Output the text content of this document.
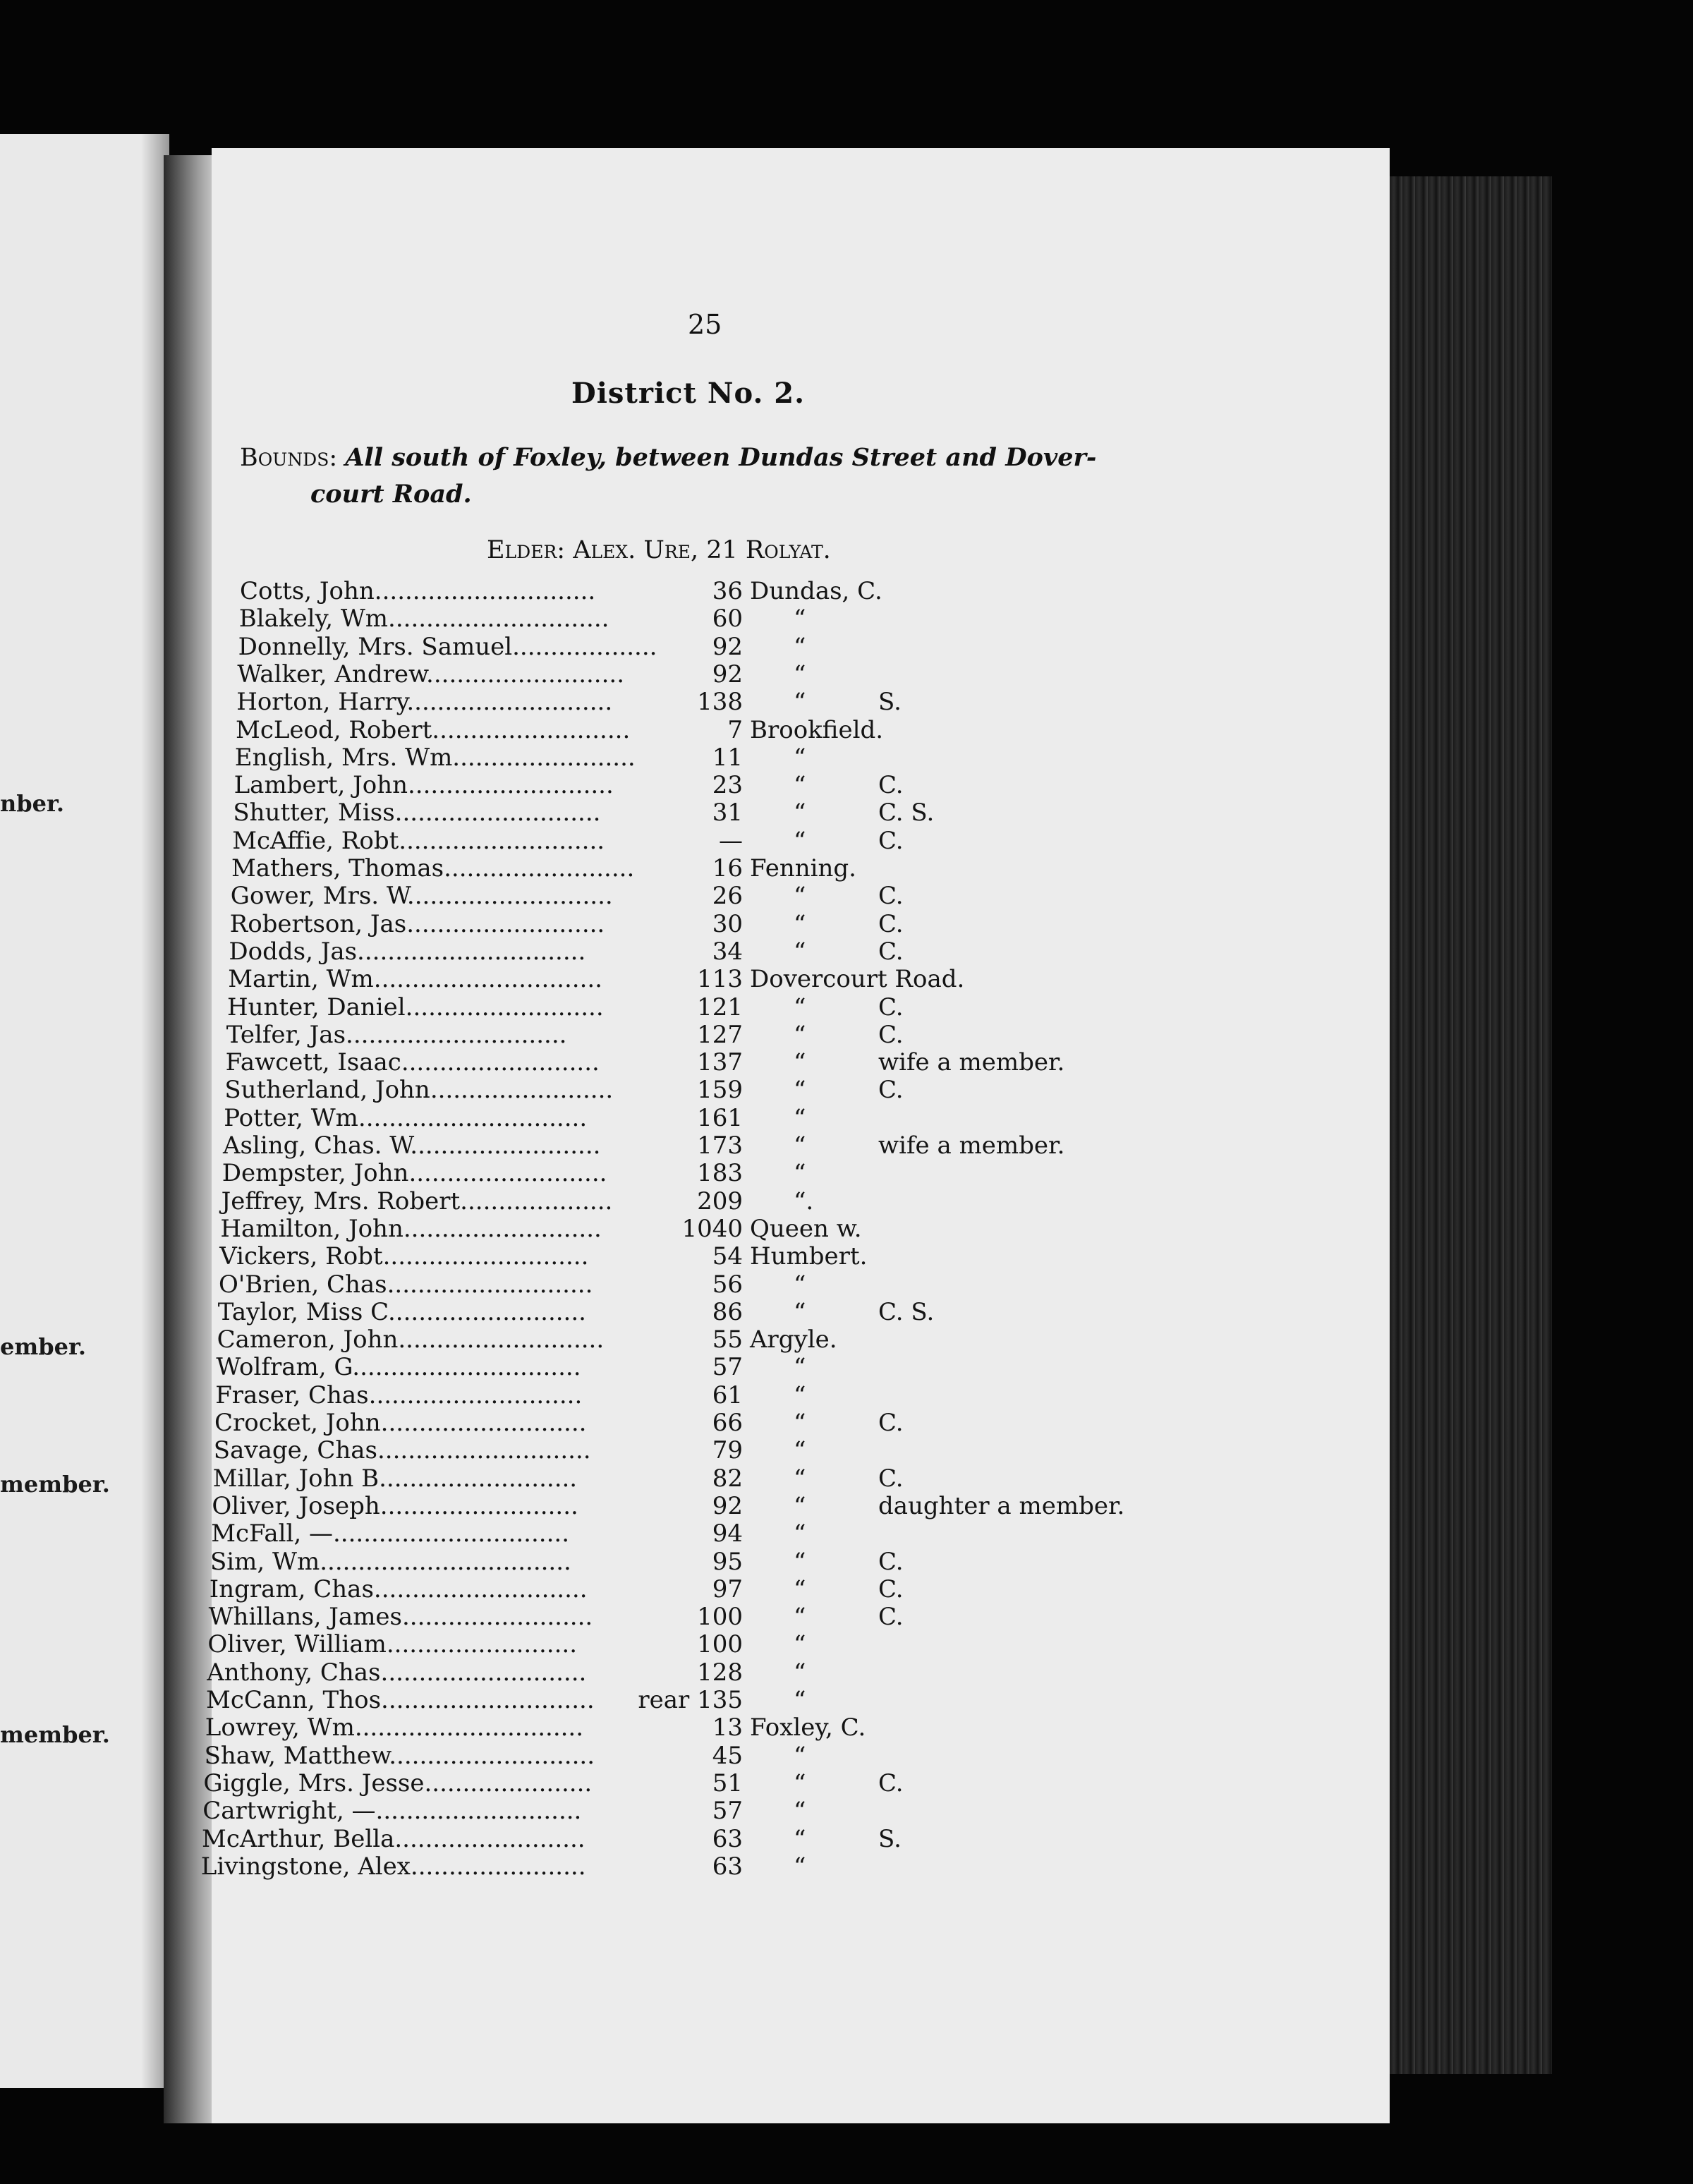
nber.
ember.
member.
member.
25
District No. 2.
Bounds: All south of Foxley, between Dundas Street and Dover-
court Road.
Elder: Alex. Ure, 21 Rolyat.
Cotts, John.............................	36 Dundas, C.
Blakely, Wm.............................	60 “
Donnelly, Mrs. Samuel................... 92 “
Walker, Andrew..........................	92 “
Horton, Harry...........................	138 “	S.
McLeod, Robert..........................	7 Brookfield.
English, Mrs. Wm........................	11 “
Lambert, John...........................	23 “	C.
Shutter, Miss...........................	31 “	C. S.
McAffie, Robt...........................	— “	C.
Mathers, Thomas.........................	16 Fenning.
Gower, Mrs. W...........................	26 “	C.
Robertson, Jas..........................	30 “	C.
Dodds, Jas..............................	34 “	C.
Martin, Wm..............................	113 Dovercourt Road.
Hunter, Daniel..........................	121 “	C.
Telfer, Jas.............................	127 “	C.
Fawcett, Isaac..........................	137 “	wife a member.
Sutherland, John........................	159 “	C.
Potter, Wm..............................	161 “
Asling, Chas. W.........................	173 “	wife a member.
Dempster, John..........................	183 “
Jeffrey, Mrs. Robert....................	209 “.
Hamilton, John..........................	1040 Queen w.
Vickers, Robt...........................	54 Humbert.
O'Brien, Chas...........................	56 “
Taylor, Miss C..........................	86 “	C. S.
Cameron, John...........................	55 Argyle.
Wolfram, G..............................	57 “
Fraser, Chas............................	61 “
Crocket, John...........................	66 “	C.
Savage, Chas............................	79 “
Millar, John B..........................	82 “	C.
Oliver, Joseph..........................	92 “	daughter a member.
McFall, —...............................	94 “
Sim, Wm.................................	95 “	C.
Ingram, Chas............................	97 “	C.
Whillans, James.........................	100 “	C.
Oliver, William.........................	100 “
Anthony, Chas...........................	128 “
McCann, Thos............................ rear 135 “
Lowrey, Wm..............................	13 Foxley, C.
Shaw, Matthew...........................	45 “
Giggle, Mrs. Jesse......................	51 “	C.
Cartwright, —...........................	57 “
McArthur, Bella.........................	63 “	S.
Livingstone, Alex.......................	63 “
